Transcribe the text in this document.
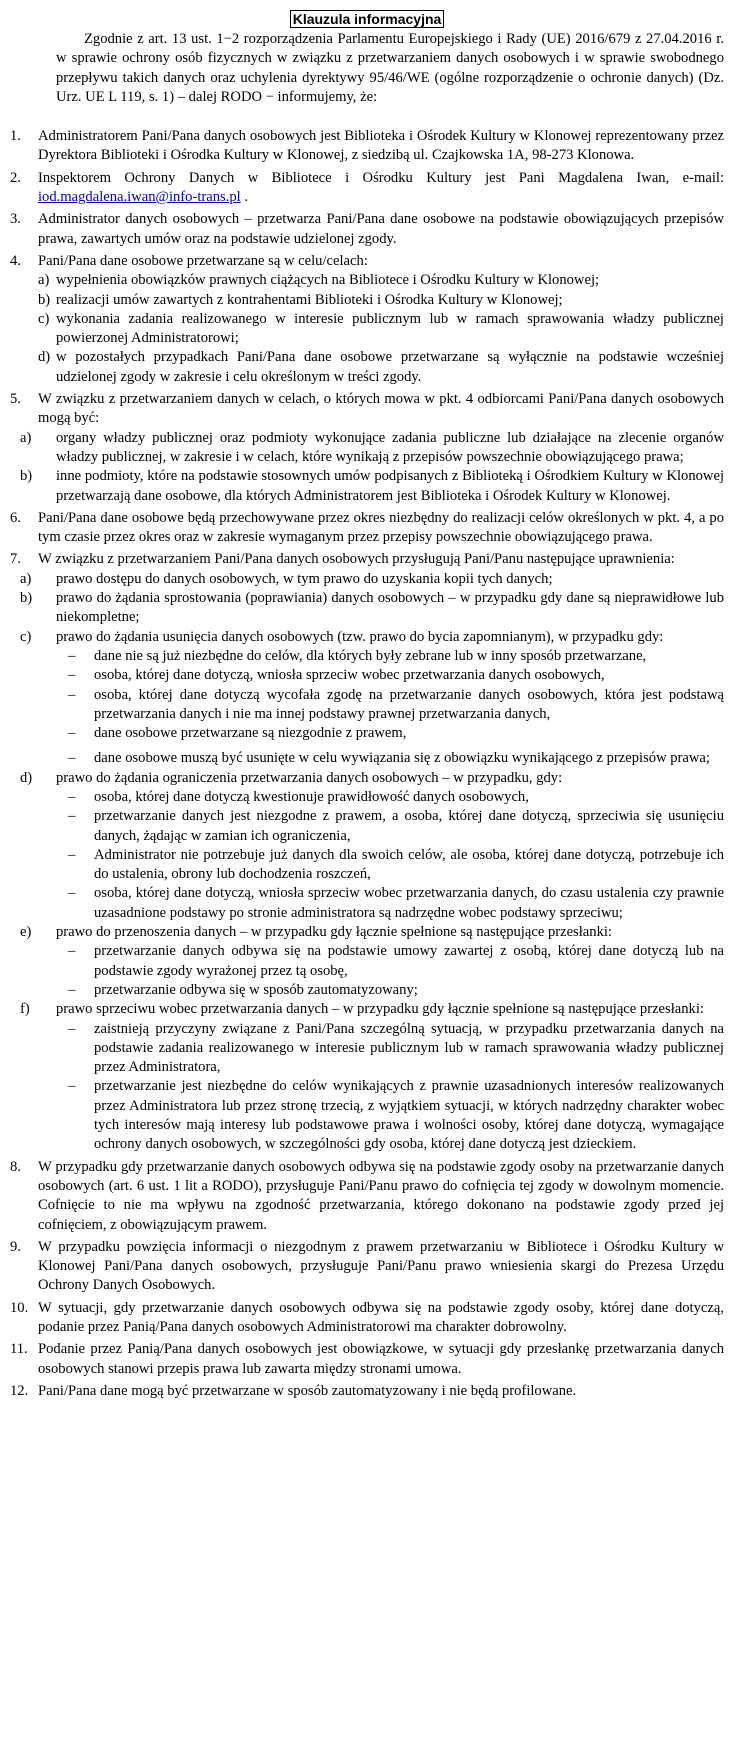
Klauzula informacyjna

Zgodnie z art. 13 ust. 1−2 rozporządzenia Parlamentu Europejskiego i Rady (UE) 2016/679 z 27.04.2016 r. w sprawie ochrony osób fizycznych w związku z przetwarzaniem danych osobowych i w sprawie swobodnego przepływu takich danych oraz uchylenia dyrektywy 95/46/WE (ogólne rozporządzenie o ochronie danych) (Dz. Urz. UE L 119, s. 1) – dalej RODO − informujemy, że:

1.	Administratorem Pani/Pana danych osobowych jest Biblioteka i Ośrodek Kultury w Klonowej reprezentowany przez Dyrektora Biblioteki i Ośrodka Kultury w Klonowej, z siedzibą ul. Czajkowska 1A, 98-273 Klonowa.

2.	Inspektorem Ochrony Danych w Bibliotece i Ośrodku Kultury jest Pani Magdalena Iwan, e-mail: iod.magdalena.iwan@info-trans.pl .

3.	Administrator danych osobowych – przetwarza Pani/Pana dane osobowe na podstawie obowiązujących przepisów prawa, zawartych umów oraz na podstawie udzielonej zgody.

4.	Pani/Pana dane osobowe przetwarzane są w celu/celach:

a) wypełnienia obowiązków prawnych ciążących na Bibliotece i Ośrodku Kultury w Klonowej;
b) realizacji umów zawartych z kontrahentami Biblioteki i Ośrodka Kultury w Klonowej;
c) wykonania zadania realizowanego w interesie publicznym lub w ramach sprawowania władzy publicznej powierzonej Administratorowi;
d) w pozostałych przypadkach Pani/Pana dane osobowe przetwarzane są wyłącznie na podstawie wcześniej udzielonej zgody w zakresie i celu określonym w treści zgody.
5.	W związku z przetwarzaniem danych w celach, o których mowa w pkt. 4 odbiorcami Pani/Pana danych osobowych mogą być:

a)	organy władzy publicznej oraz podmioty wykonujące zadania publiczne lub działające na zlecenie organów władzy publicznej, w zakresie i w celach, które wynikają z przepisów powszechnie obowiązującego prawa;
b)	inne podmioty, które na podstawie stosownych umów podpisanych z Biblioteką i Ośrodkiem Kultury w Klonowej przetwarzają dane osobowe, dla których Administratorem jest Biblioteka i Ośrodek Kultury w Klonowej.
6.	Pani/Pana dane osobowe będą przechowywane przez okres niezbędny do realizacji celów określonych w pkt. 4, a po tym czasie przez okres oraz w zakresie wymaganym przez przepisy powszechnie obowiązującego prawa.

7.	W związku z przetwarzaniem Pani/Pana danych osobowych przysługują Pani/Panu następujące uprawnienia:

a)	prawo dostępu do danych osobowych, w tym prawo do uzyskania kopii tych danych;
b)	prawo do żądania sprostowania (poprawiania) danych osobowych – w przypadku gdy dane są nieprawidłowe lub niekompletne;
c)	prawo do żądania usunięcia danych osobowych (tzw. prawo do bycia zapomnianym), w przypadku gdy:
–	dane nie są już niezbędne do celów, dla których były zebrane lub w inny sposób przetwarzane,
–	osoba, której dane dotyczą, wniosła sprzeciw wobec przetwarzania danych osobowych,
–	osoba, której dane dotyczą wycofała zgodę na przetwarzanie danych osobowych, która jest podstawą przetwarzania danych i nie ma innej podstawy prawnej przetwarzania danych,
–	dane osobowe przetwarzane są niezgodnie z prawem,
–	dane osobowe muszą być usunięte w celu wywiązania się z obowiązku wynikającego z przepisów prawa;
d)	prawo do żądania ograniczenia przetwarzania danych osobowych – w przypadku, gdy:
–	osoba, której dane dotyczą kwestionuje prawidłowość danych osobowych,
–	przetwarzanie danych jest niezgodne z prawem, a osoba, której dane dotyczą, sprzeciwia się usunięciu danych, żądając w zamian ich ograniczenia,
–	Administrator nie potrzebuje już danych dla swoich celów, ale osoba, której dane dotyczą, potrzebuje ich do ustalenia, obrony lub dochodzenia roszczeń,
–	osoba, której dane dotyczą, wniosła sprzeciw wobec przetwarzania danych, do czasu ustalenia czy prawnie uzasadnione podstawy po stronie administratora są nadrzędne wobec podstawy sprzeciwu;
e)	prawo do przenoszenia danych – w przypadku gdy łącznie spełnione są następujące przesłanki:
–	przetwarzanie danych odbywa się na podstawie umowy zawartej z osobą, której dane dotyczą lub na podstawie zgody wyrażonej przez tą osobę,
–	przetwarzanie odbywa się w sposób zautomatyzowany;
f)	prawo sprzeciwu wobec przetwarzania danych – w przypadku gdy łącznie spełnione są następujące przesłanki:
–	zaistnieją przyczyny związane z Pani/Pana szczególną sytuacją, w przypadku przetwarzania danych na podstawie zadania realizowanego w interesie publicznym lub w ramach sprawowania władzy publicznej przez Administratora,
–	przetwarzanie jest niezbędne do celów wynikających z prawnie uzasadnionych interesów realizowanych przez Administratora lub przez stronę trzecią, z wyjątkiem sytuacji, w których nadrzędny charakter wobec tych interesów mają interesy lub podstawowe prawa i wolności osoby, której dane dotyczą, wymagające ochrony danych osobowych, w szczególności gdy osoba, której dane dotyczą jest dzieckiem.
8.	W przypadku gdy przetwarzanie danych osobowych odbywa się na podstawie zgody osoby na przetwarzanie danych osobowych (art. 6 ust. 1 lit a RODO), przysługuje Pani/Panu prawo do cofnięcia tej zgody w dowolnym momencie. Cofnięcie to nie ma wpływu na zgodność przetwarzania, którego dokonano na podstawie zgody przed jej cofnięciem, z obowiązującym prawem.

9.	W przypadku powzięcia informacji o niezgodnym z prawem przetwarzaniu w Bibliotece i Ośrodku Kultury w Klonowej Pani/Pana danych osobowych, przysługuje Pani/Panu prawo wniesienia skargi do Prezesa Urzędu Ochrony Danych Osobowych.

10. W sytuacji, gdy przetwarzanie danych osobowych odbywa się na podstawie zgody osoby, której dane dotyczą, podanie przez Panią/Pana danych osobowych Administratorowi ma charakter dobrowolny.

11. Podanie przez Panią/Pana danych osobowych jest obowiązkowe, w sytuacji gdy przesłankę przetwarzania danych osobowych stanowi przepis prawa lub zawarta między stronami umowa.

12. Pani/Pana dane mogą być przetwarzane w sposób zautomatyzowany i nie będą profilowane.
